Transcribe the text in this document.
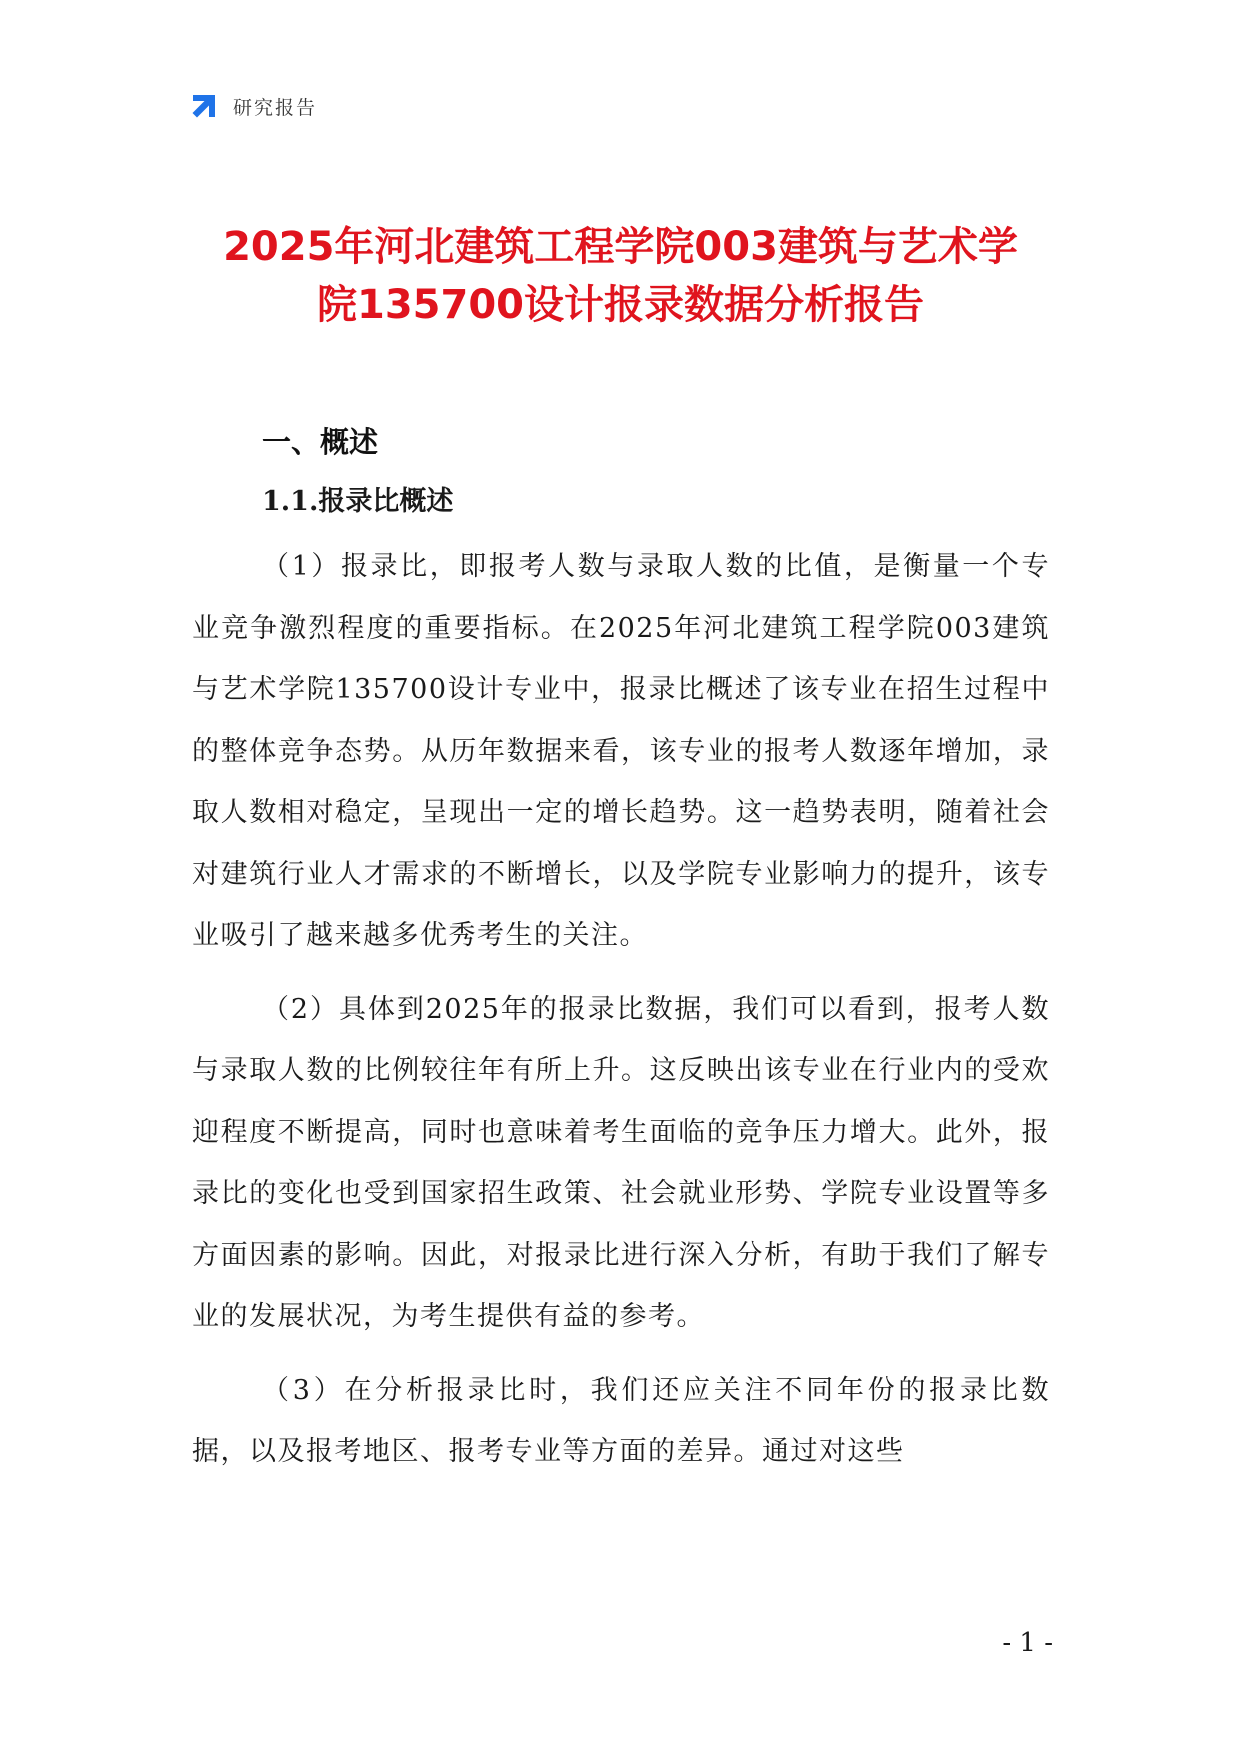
研究报告
2025年河北建筑工程学院003建筑与艺术学
院135700设计报录数据分析报告
一、概述
1.1.报录比概述

（1）报录比，即报考人数与录取人数的比值，是衡量一个专业竞争激烈程度的重要指标。在2025年河北建筑工程学院003建筑与艺术学院135700设计专业中，报录比概述了该专业在招生过程中的整体竞争态势。从历年数据来看，该专业的报考人数逐年增加，录取人数相对稳定，呈现出一定的增长趋势。这一趋势表明，随着社会对建筑行业人才需求的不断增长，以及学院专业影响力的提升，该专业吸引了越来越多优秀考生的关注。

（2）具体到2025年的报录比数据，我们可以看到，报考人数与录取人数的比例较往年有所上升。这反映出该专业在行业内的受欢迎程度不断提高，同时也意味着考生面临的竞争压力增大。此外，报录比的变化也受到国家招生政策、社会就业形势、学院专业设置等多方面因素的影响。因此，对报录比进行深入分析，有助于我们了解专业的发展状况，为考生提供有益的参考。

（3）在分析报录比时，我们还应关注不同年份的报录比数据，以及报考地区、报考专业等方面的差异。通过对这些

- 1 -
